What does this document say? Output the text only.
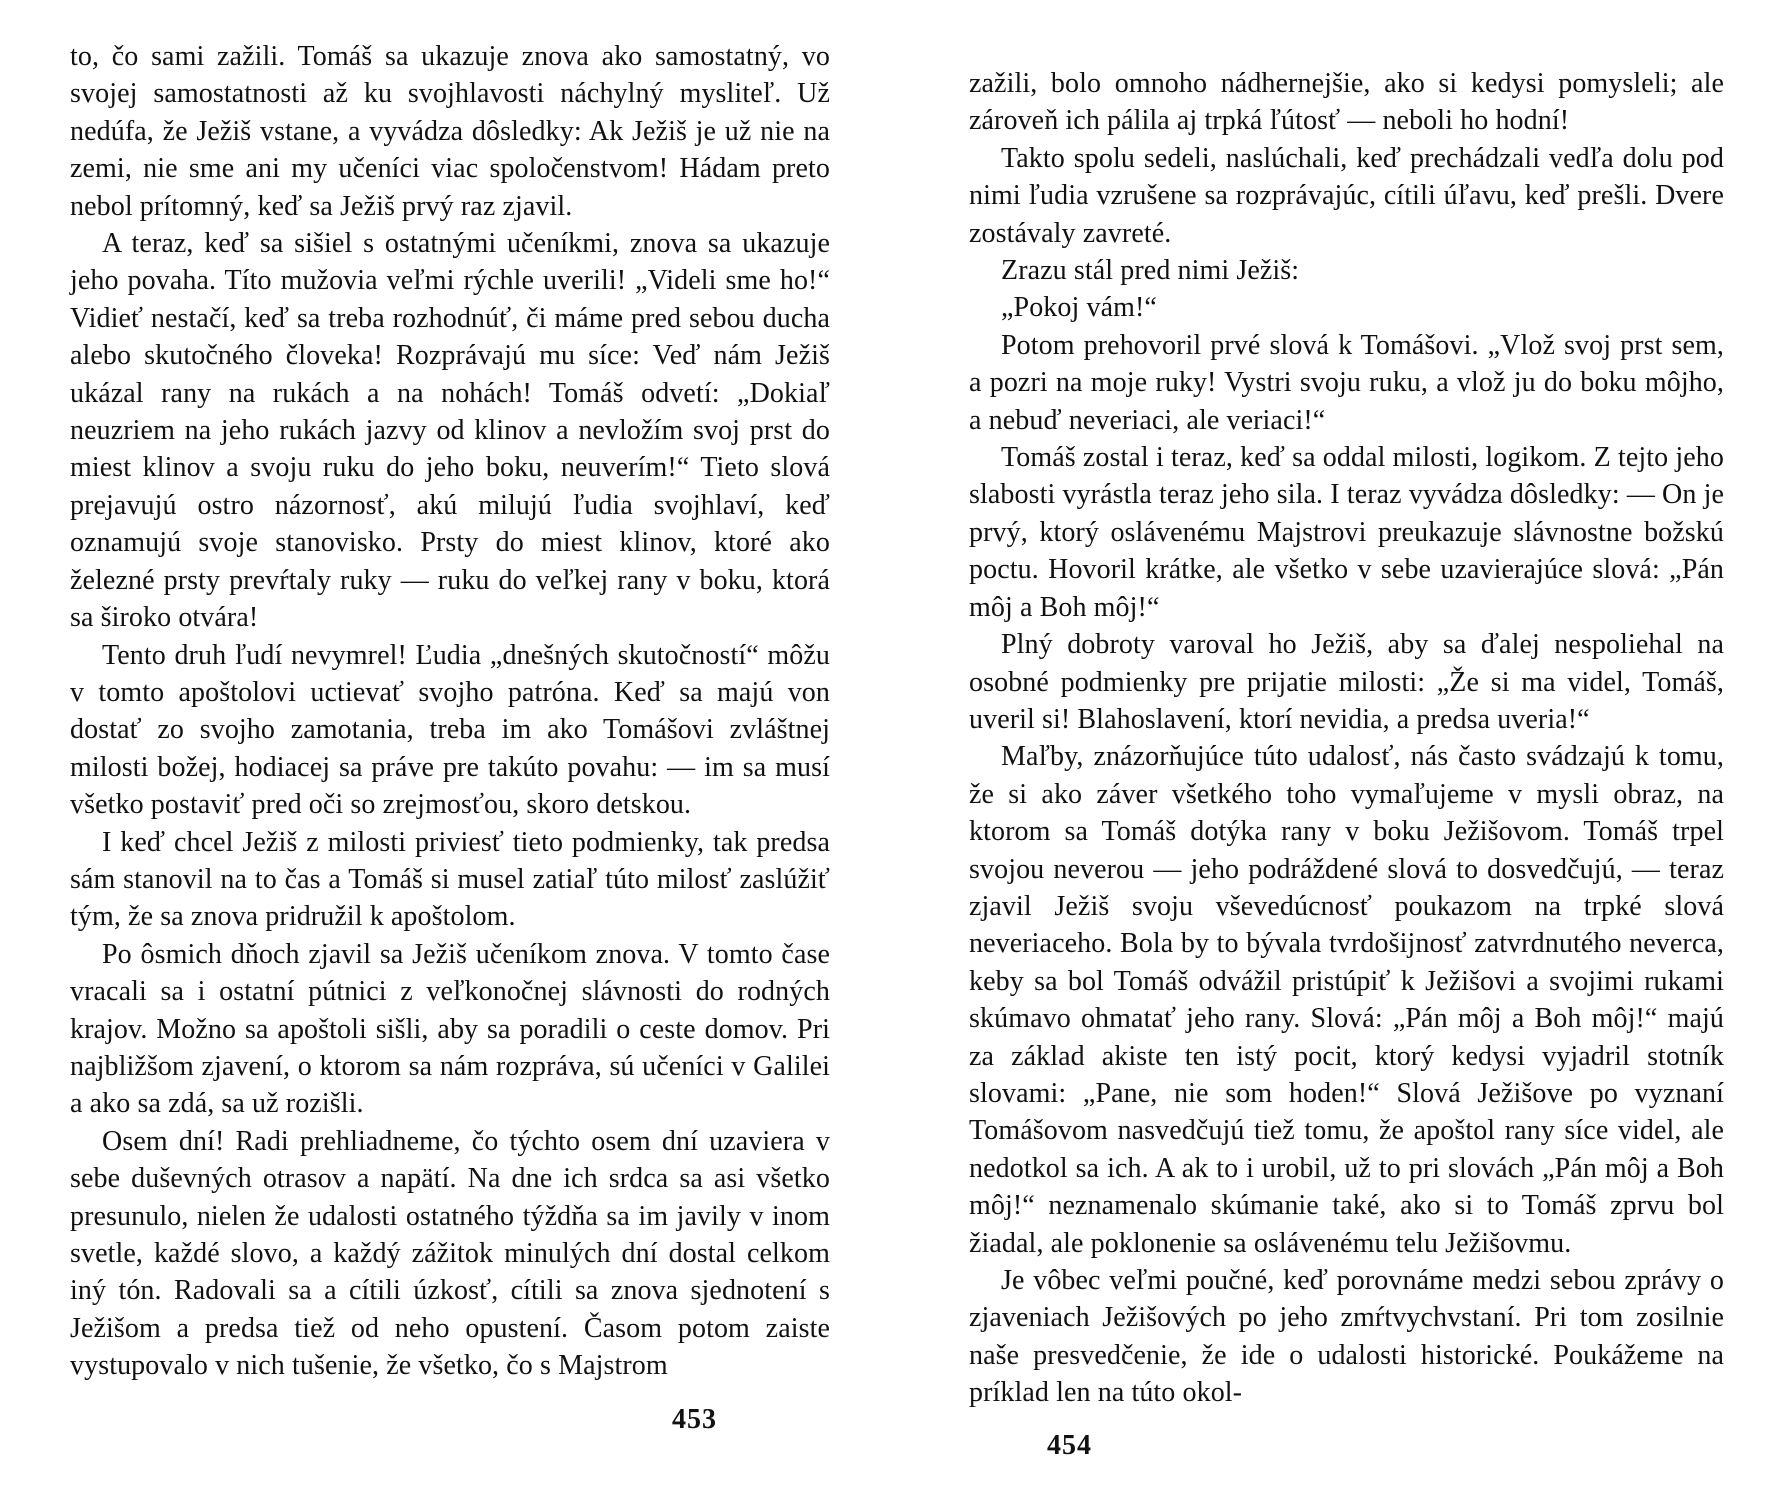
to, čo sami zažili. Tomáš sa ukazuje znova ako samostatný, vo svojej samostatnosti až ku svojhlavosti náchylný mysliteľ. Už nedúfa, že Ježiš vstane, a vyvádza dôsledky: Ak Ježiš je už nie na zemi, nie sme ani my učeníci viac spoločenstvom! Hádam preto nebol prítomný, keď sa Ježiš prvý raz zjavil.

A teraz, keď sa sišiel s ostatnými učeníkmi, znova sa ukazuje jeho povaha. Títo mužovia veľmi rýchle uverili! „Videli sme ho!“ Vidieť nestačí, keď sa treba rozhodnúť, či máme pred sebou ducha alebo skutočného človeka! Rozprávajú mu síce: Veď nám Ježiš ukázal rany na rukách a na nohách! Tomáš odvetí: „Dokiaľ neuzriem na jeho rukách jazvy od klinov a nevložím svoj prst do miest klinov a svoju ruku do jeho boku, neuverím!“ Tieto slová prejavujú ostro názornosť, akú milujú ľudia svojhlaví, keď oznamujú svoje stanovisko. Prsty do miest klinov, ktoré ako železné prsty prevŕtaly ruky — ruku do veľkej rany v boku, ktorá sa široko otvára!

Tento druh ľudí nevymrel! Ľudia „dnešných skutočností“ môžu v tomto apoštolovi uctievať svojho patróna. Keď sa majú von dostať zo svojho zamotania, treba im ako Tomášovi zvláštnej milosti božej, hodiacej sa práve pre takúto povahu: — im sa musí všetko postaviť pred oči so zrejmosťou, skoro detskou.

I keď chcel Ježiš z milosti priviesť tieto podmienky, tak predsa sám stanovil na to čas a Tomáš si musel zatiaľ túto milosť zaslúžiť tým, že sa znova pridružil k apoštolom.

Po ôsmich dňoch zjavil sa Ježiš učeníkom znova. V tomto čase vracali sa i ostatní pútnici z veľkonočnej slávnosti do rodných krajov. Možno sa apoštoli sišli, aby sa poradili o ceste domov. Pri najbližšom zjavení, o ktorom sa nám rozpráva, sú učeníci v Galilei a ako sa zdá, sa už rozišli.

Osem dní! Radi prehliadneme, čo týchto osem dní uzaviera v sebe duševných otrasov a napätí. Na dne ich srdca sa asi všetko presunulo, nielen že udalosti ostatného týždňa sa im javily v inom svetle, každé slovo, a každý zážitok minulých dní dostal celkom iný tón. Radovali sa a cítili úzkosť, cítili sa znova sjednotení s Ježišom a predsa tiež od neho opustení. Časom potom zaiste vystupovalo v nich tušenie, že všetko, čo s Majstrom

453

zažili, bolo omnoho nádhernejšie, ako si kedysi pomysleli; ale zároveň ich pálila aj trpká ľútosť — neboli ho hodní!

Takto spolu sedeli, naslúchali, keď prechádzali vedľa dolu pod nimi ľudia vzrušene sa rozprávajúc, cítili úľavu, keď prešli. Dvere zostávaly zavreté.

Zrazu stál pred nimi Ježiš:

„Pokoj vám!“

Potom prehovoril prvé slová k Tomášovi. „Vlož svoj prst sem, a pozri na moje ruky! Vystri svoju ruku, a vlož ju do boku môjho, a nebuď neveriaci, ale veriaci!“

Tomáš zostal i teraz, keď sa oddal milosti, logikom. Z tejto jeho slabosti vyrástla teraz jeho sila. I teraz vyvádza dôsledky: — On je prvý, ktorý oslávenému Majstrovi preukazuje slávnostne božskú poctu. Hovoril krátke, ale všetko v sebe uzavierajúce slová: „Pán môj a Boh môj!“

Plný dobroty varoval ho Ježiš, aby sa ďalej nespoliehal na osobné podmienky pre prijatie milosti: „Že si ma videl, Tomáš, uveril si! Blahoslavení, ktorí nevidia, a predsa uveria!“

Maľby, znázorňujúce túto udalosť, nás často svádzajú k tomu, že si ako záver všetkého toho vymaľujeme v mysli obraz, na ktorom sa Tomáš dotýka rany v boku Ježišovom. Tomáš trpel svojou neverou — jeho podráždené slová to dosvedčujú, — teraz zjavil Ježiš svoju vševedúcnosť poukazom na trpké slová neveriaceho. Bola by to bývala tvrdošijnosť zatvrdnutého neverca, keby sa bol Tomáš odvážil pristúpiť k Ježišovi a svojimi rukami skúmavo ohmatať jeho rany. Slová: „Pán môj a Boh môj!“ majú za základ akiste ten istý pocit, ktorý kedysi vyjadril stotník slovami: „Pane, nie som hoden!“ Slová Ježišove po vyznaní Tomášovom nasvedčujú tiež tomu, že apoštol rany síce videl, ale nedotkol sa ich. A ak to i urobil, už to pri slovách „Pán môj a Boh môj!“ neznamenalo skúmanie také, ako si to Tomáš zprvu bol žiadal, ale poklonenie sa oslávenému telu Ježišovmu.

Je vôbec veľmi poučné, keď porovnáme medzi sebou zprávy o zjaveniach Ježišových po jeho zmŕtvychvstaní. Pri tom zosilnie naše presvedčenie, že ide o udalosti historické. Poukážeme na príklad len na túto okol-

454
